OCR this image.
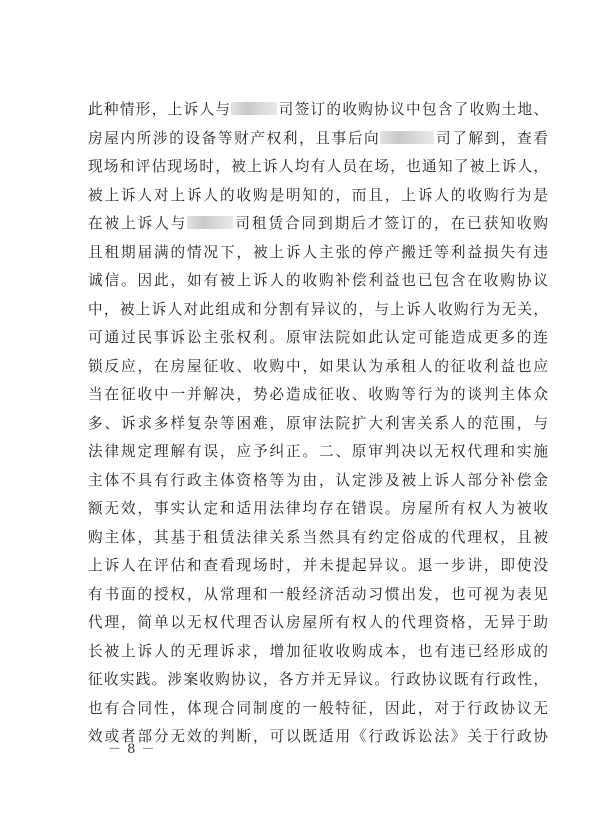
此种情形，上诉人与	司签订的收购协议中包含了收购土地、
房屋内所涉的设备等财产权利，且事后向	司了解到，查看
现场和评估现场时，被上诉人均有人员在场，也通知了被上诉人，
被上诉人对上诉人的收购是明知的，而且，上诉人的收购行为是
在被上诉人与	司租赁合同到期后才签订的，在已获知收购
且租期届满的情况下，被上诉人主张的停产搬迁等利益损失有违
诚信。因此，如有被上诉人的收购补偿利益也已包含在收购协议
中，被上诉人对此组成和分割有异议的，与上诉人收购行为无关，
可通过民事诉讼主张权利。原审法院如此认定可能造成更多的连
锁反应，在房屋征收、收购中，如果认为承租人的征收利益也应
当在征收中一并解决，势必造成征收、收购等行为的谈判主体众
多、诉求多样复杂等困难，原审法院扩大利害关系人的范围，与
法律规定理解有误，应予纠正。二、原审判决以无权代理和实施
主体不具有行政主体资格等为由，认定涉及被上诉人部分补偿金
额无效，事实认定和适用法律均存在错误。房屋所有权人为被收
购主体，其基于租赁法律关系当然具有约定俗成的代理权，且被
上诉人在评估和查看现场时，并未提起异议。退一步讲，即使没
有书面的授权，从常理和一般经济活动习惯出发，也可视为表见
代理，简单以无权代理否认房屋所有权人的代理资格，无异于助
长被上诉人的无理诉求，增加征收收购成本，也有违已经形成的
征收实践。涉案收购协议，各方并无异议。行政协议既有行政性，
也有合同性，体现合同制度的一般特征，因此，对于行政协议无
效或者部分无效的判断，可以既适用《行政诉讼法》关于行政协
－ 8 －
